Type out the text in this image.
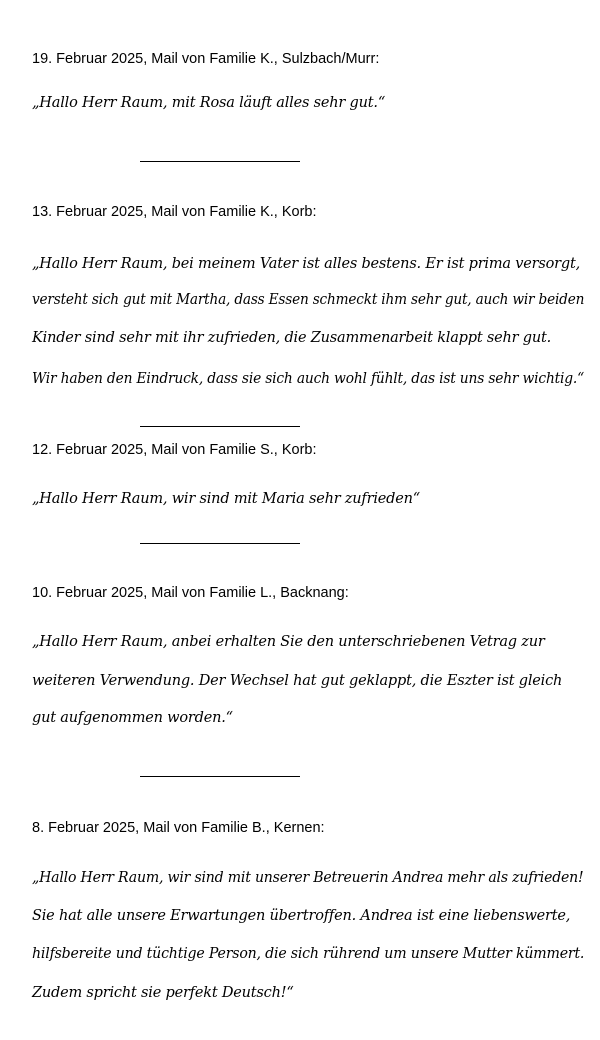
19. Februar 2025, Mail von Familie K., Sulzbach/Murr:
„Hallo Herr Raum, mit Rosa läuft alles sehr gut.“
13. Februar 2025, Mail von Familie K., Korb:
„Hallo Herr Raum, bei meinem Vater ist alles bestens. Er ist prima versorgt,
versteht sich gut mit Martha, dass Essen schmeckt ihm sehr gut, auch wir beiden
Kinder sind sehr mit ihr zufrieden, die Zusammenarbeit klappt sehr gut.
Wir haben den Eindruck, dass sie sich auch wohl fühlt, das ist uns sehr wichtig.“
12. Februar 2025, Mail von Familie S., Korb:
„Hallo Herr Raum, wir sind mit Maria sehr zufrieden“
10. Februar 2025, Mail von Familie L., Backnang:
„Hallo Herr Raum, anbei erhalten Sie den unterschriebenen Vetrag zur
weiteren Verwendung. Der Wechsel hat gut geklappt, die Eszter ist gleich
gut aufgenommen worden.“
8. Februar 2025, Mail von Familie B., Kernen:
„Hallo Herr Raum, wir sind mit unserer Betreuerin Andrea mehr als zufrieden!
Sie hat alle unsere Erwartungen übertroffen. Andrea ist eine liebenswerte,
hilfsbereite und tüchtige Person, die sich rührend um unsere Mutter kümmert.
Zudem spricht sie perfekt Deutsch!“
